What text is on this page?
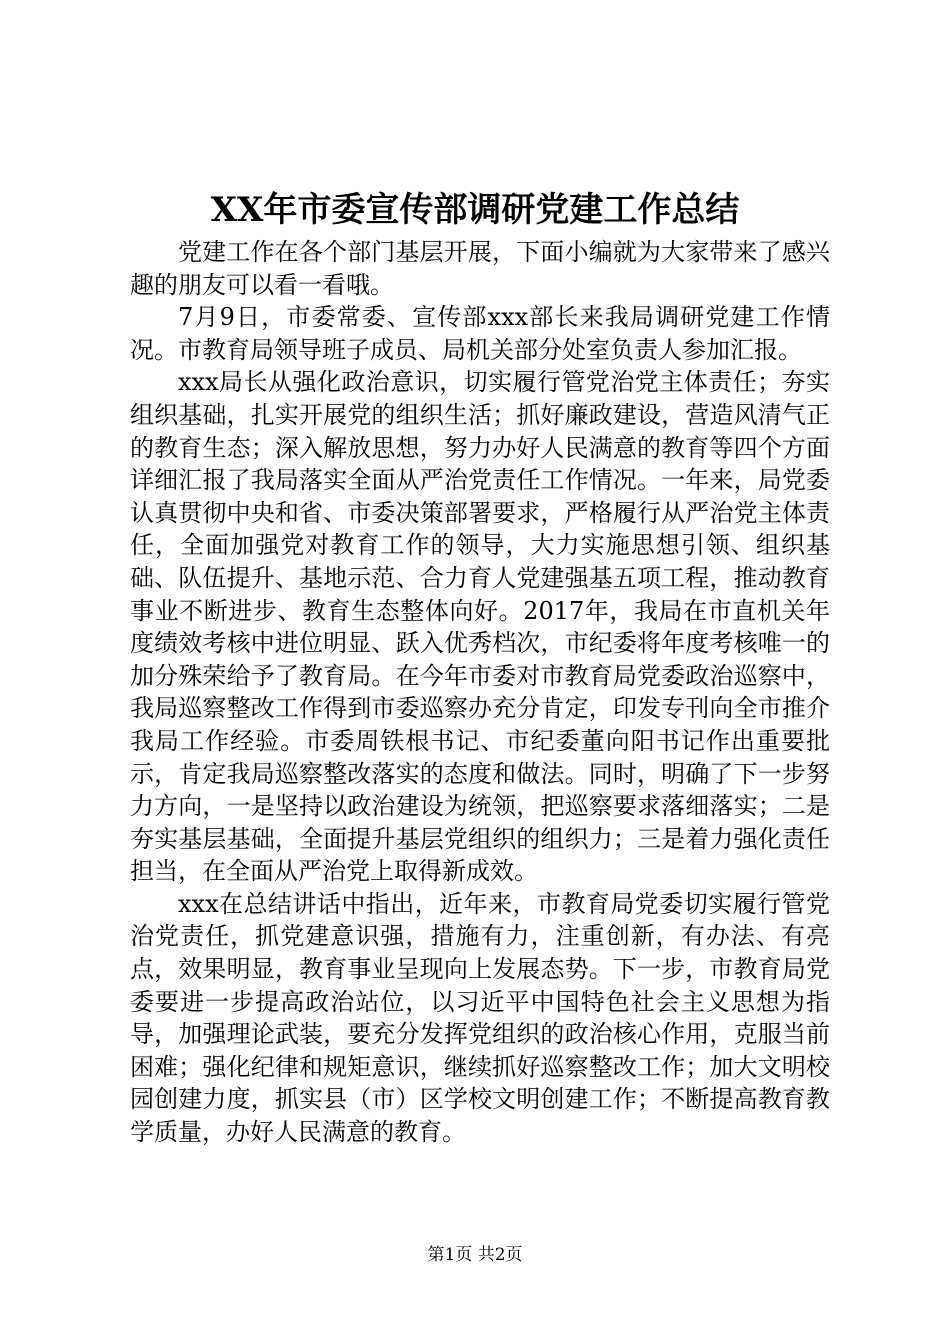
XX年市委宣传部调研党建工作总结

党建工作在各个部门基层开展，下面小编就为大家带来了感兴趣的朋友可以看一看哦。

7月9日，市委常委、宣传部xxx部长来我局调研党建工作情况。市教育局领导班子成员、局机关部分处室负责人参加汇报。

xxx局长从强化政治意识，切实履行管党治党主体责任；夯实组织基础，扎实开展党的组织生活；抓好廉政建设，营造风清气正的教育生态；深入解放思想，努力办好人民满意的教育等四个方面详细汇报了我局落实全面从严治党责任工作情况。一年来，局党委认真贯彻中央和省、市委决策部署要求，严格履行从严治党主体责任，全面加强党对教育工作的领导，大力实施思想引领、组织基础、队伍提升、基地示范、合力育人党建强基五项工程，推动教育事业不断进步、教育生态整体向好。2017年，我局在市直机关年度绩效考核中进位明显、跃入优秀档次，市纪委将年度考核唯一的加分殊荣给予了教育局。在今年市委对市教育局党委政治巡察中，我局巡察整改工作得到市委巡察办充分肯定，印发专刊向全市推介我局工作经验。市委周铁根书记、市纪委董向阳书记作出重要批示，肯定我局巡察整改落实的态度和做法。同时，明确了下一步努力方向，一是坚持以政治建设为统领，把巡察要求落细落实；二是夯实基层基础，全面提升基层党组织的组织力；三是着力强化责任担当，在全面从严治党上取得新成效。

xxx在总结讲话中指出，近年来，市教育局党委切实履行管党治党责任，抓党建意识强，措施有力，注重创新，有办法、有亮点，效果明显，教育事业呈现向上发展态势。下一步，市教育局党委要进一步提高政治站位，以习近平中国特色社会主义思想为指导，加强理论武装，要充分发挥党组织的政治核心作用，克服当前困难；强化纪律和规矩意识，继续抓好巡察整改工作；加大文明校园创建力度，抓实县（市）区学校文明创建工作；不断提高教育教学质量，办好人民满意的教育。

第1页 共2页
